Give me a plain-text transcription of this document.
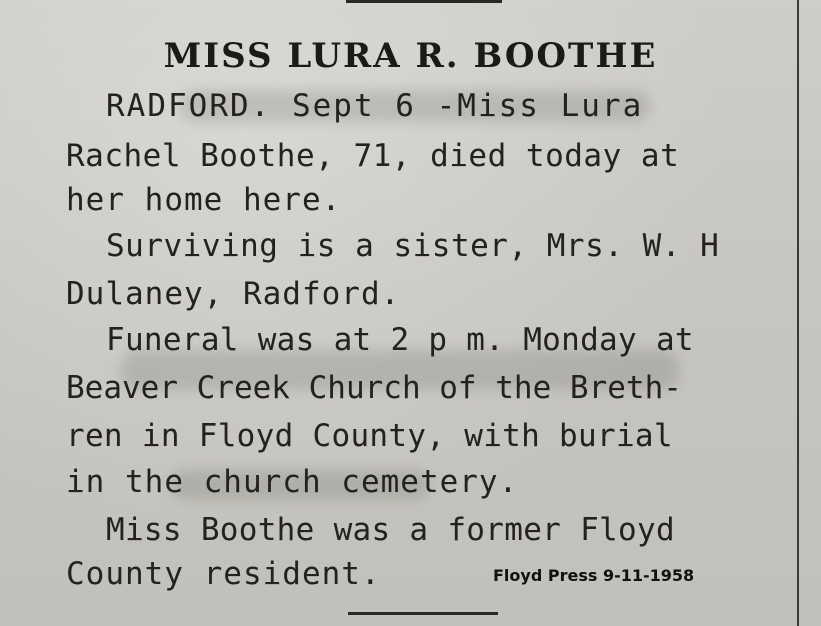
MISS LURA R. BOOTHE
RADFORD. Sept 6 -Miss Lura
Rachel Boothe, 71, died today at
her home here.
Surviving is a sister, Mrs. W. H
Dulaney, Radford.
Funeral was at 2 p m. Monday at
Beaver Creek Church of the Breth-
ren in Floyd County, with burial
in the church cemetery.
Miss Boothe was a former Floyd
County resident.	Floyd Press 9-11-1958
